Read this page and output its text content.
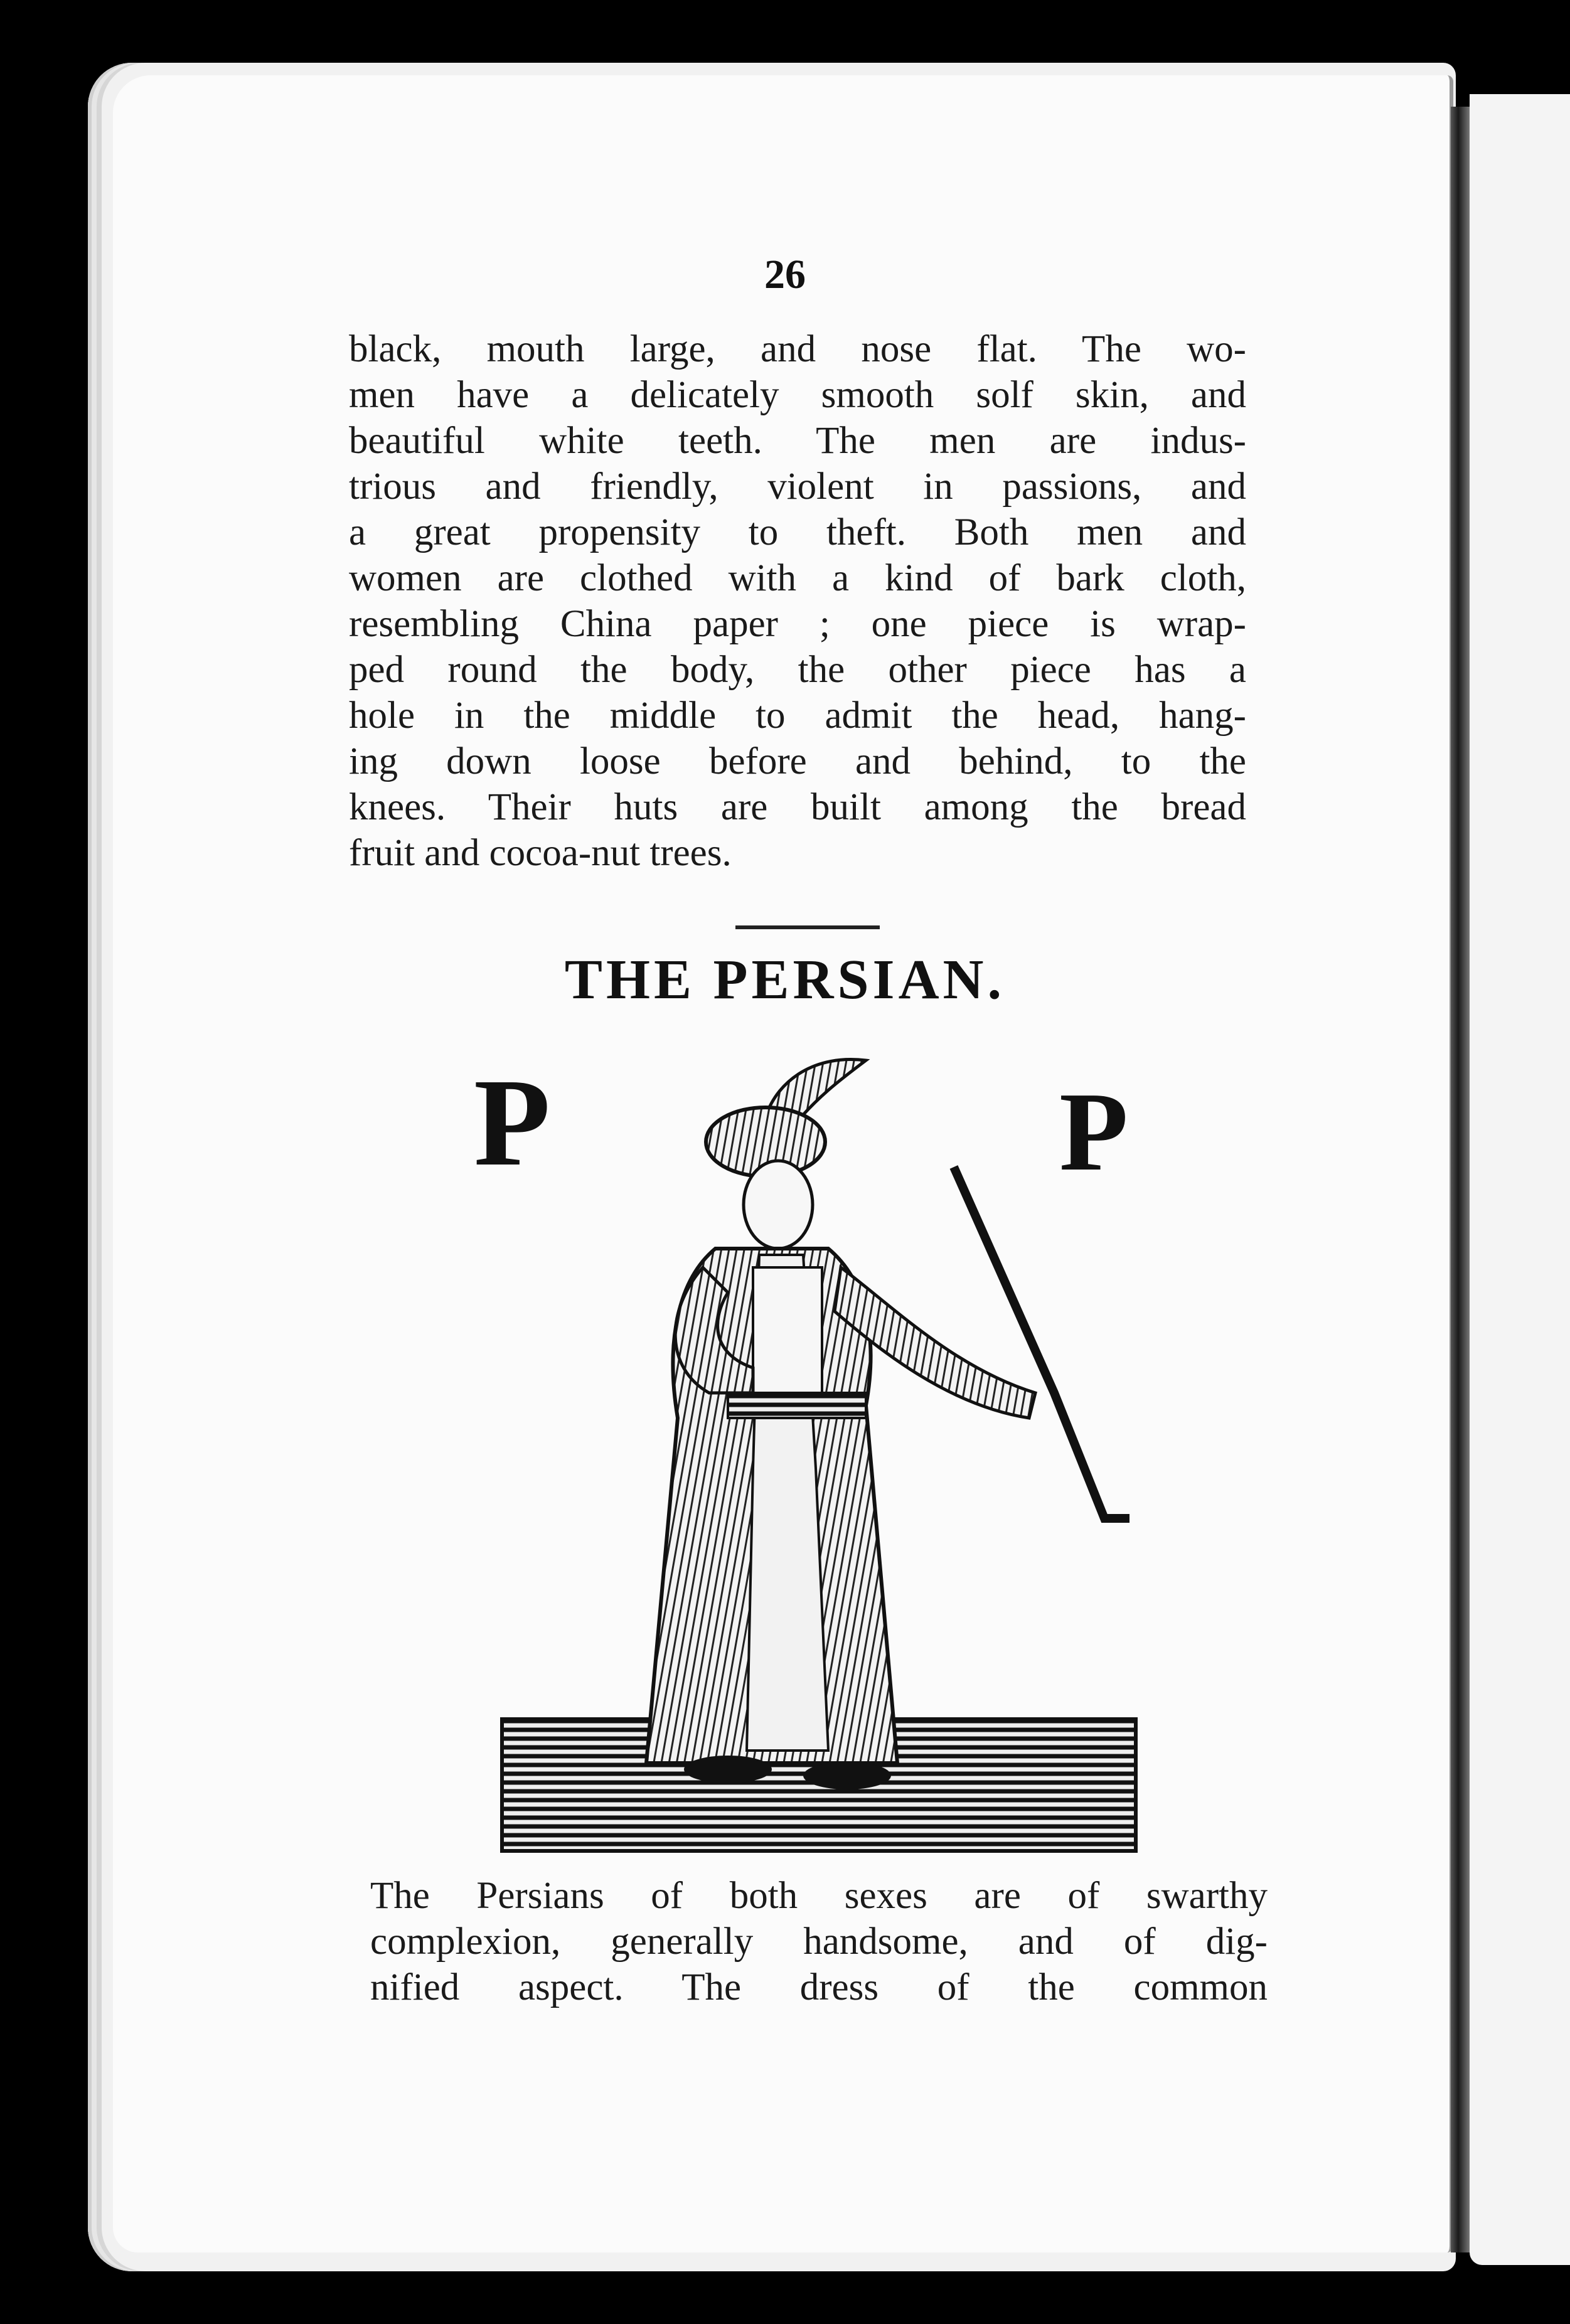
26
black, mouth large, and nose flat. The wo-
men have a delicately smooth solf skin, and
beautiful white teeth. The men are indus-
trious and friendly, violent in passions, and
a great propensity to theft. Both men and
women are clothed with a kind of bark cloth,
resembling China paper ; one piece is wrap-
ped round the body, the other piece has a
hole in the middle to admit the head, hang-
ing down loose before and behind, to the
knees. Their huts are built among the bread
fruit and cocoa-nut trees.
THE PERSIAN.
P	P
The Persians of both sexes are of swarthy
complexion, generally handsome, and of dig-
nified aspect. The dress of the common
